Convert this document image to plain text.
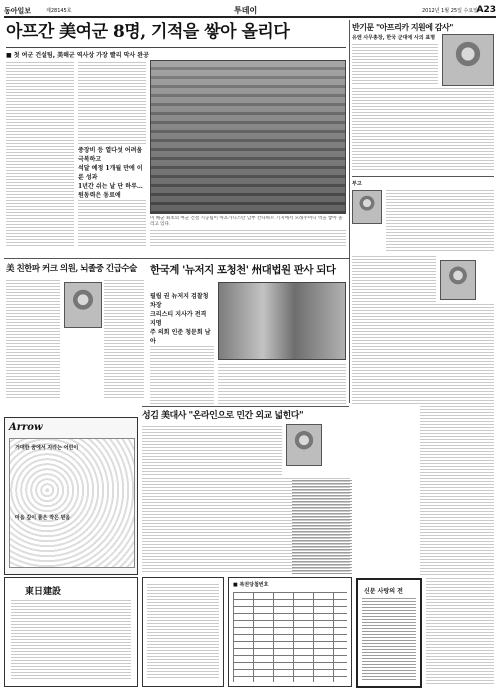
동아일보	제28145호	투데이	2012년 1월 25일 수요일
A23
아프간 美여군 8명, 기적을 쌓아 올리다
■ 첫 여군 건설팀, 美해군 역사상 가장 빨리 막사 완공
중장비 등 열다섯 어려움 극복하고
석달 예정 1개월 만에 이룬 성과
1년간 쉬는 날 단 하루… 원동력은 동료애
미 해군 최초의 여군 건설 시공팀이 아프가니스탄 남부 칸다하르 기지에서 모래주머니 벽을 쌓아 올리고 있다.
반기문 "아프리카 지원에 감사"
유엔 사무총장, 한국 군대에 사의 표명
부고
美 친한파 커크 의원, 뇌졸중 긴급수술	한국계 '뉴저지 포청천' 州대법원 판사 되다
필립 권 뉴저지 검찰청 차장
크리스티 지사가 전격 지명
주 의회 인준 청문회 남아
Arrow
거대한 꿈에서 자라는 어린이
마음 깊이 품은 작은 믿음
성김 美대사 "온라인으로 민간 외교 넓힌다"
東日建設
■ 복권당첨번호
신문 사랑의 전
